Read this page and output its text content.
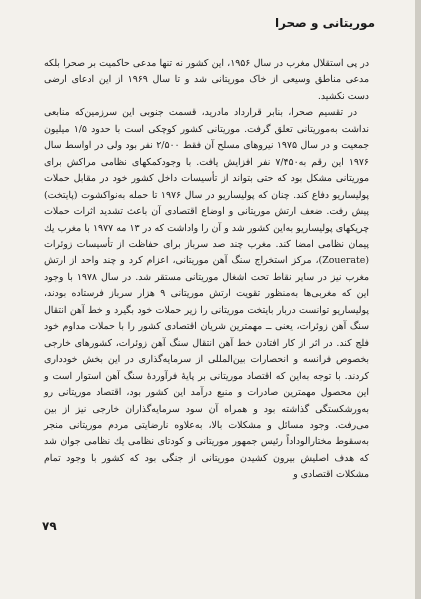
موریتانی و صحرا

در پی استقلال مغرب در سال ۱۹۵۶، این کشور نه تنها مدعی حاکمیت بر صحرا بلکه مدعی مناطق وسیعی از خاک موریتانی شد و تا سال ۱۹۶۹ از این ادعای ارضی دست نکشید.

در تقسیم صحرا، بنابر قرارداد مادرید، قسمت جنوبی این سرزمین‌که منابعی نداشت به‌موریتانی تعلق گرفت. موریتانی کشور کوچکی است با حدود ۱/۵ میلیون جمعیت و در سال ۱۹۷۵ نیروهای مسلح آن فقط ۲/۵۰۰ نفر بود ولی در اواسط سال ۱۹۷۶ این رقم به‌۷/۴۵۰ نفر افزایش یافت. با وجودکمکهای نظامی مراکش برای موریتانی مشکل بود که حتی بتواند از تأسیسات داخل کشور خود در مقابل حملات پولیساریو دفاع کند. چنان که پولیساریو در سال ۱۹۷۶ تا حمله به‌نواکشوت (پایتخت) پیش رفت. ضعف ارتش موریتانی و اوضاع اقتصادی آن باعث تشدید اثرات حملات چریکهای پولیساریو به‌این کشور شد و آن را واداشت که در ۱۳ مه ۱۹۷۷ با مغرب یك پیمان نظامی امضا کند. مغرب چند صد سرباز برای حفاظت از تأسیسات زوئرات (Zouerate)، مرکز استخراج سنگ آهن موریتانی، اعزام کرد و چند واحد از ارتش مغرب نیز در سایر نقاط تحت اشغال موریتانی مستقر شد. در سال ۱۹۷۸ با وجود این که مغربی‌ها به‌منظور تقویت ارتش موریتانی ۹ هزار سرباز فرستاده بودند، پولیساریو توانست دربار بایتخت موریتانی را زیر حملات خود بگیرد و خط آهن انتقال سنگ آهن زوئرات، یعنی ــ مهمترین شریان اقتصادی کشور را با حملات مداوم خود فلج کند. در اثر از کار افتادن خط آهن انتقال سنگ آهن زوئرات، کشورهای خارجی بخصوص فرانسه و انحصارات بین‌المللی از سرمایه‌گذاری در این بخش خودداری کردند. با توجه به‌این که اقتصاد موریتانی بر پایهٔ فرآوردهٔ سنگ آهن استوار است و این محصول مهمترین صادرات و منبع درآمد این کشور بود، اقتصاد موریتانی رو به‌ورشکستگی گذاشته بود و همراه آن سود سرمایه‌گذاران خارجی نیز از بین می‌رفت. وجود مسائل و مشکلات بالا، به‌علاوه نارضایتی مردم موریتانی منجر به‌سقوط مختارالوداداً رئیس جمهور موریتانی و کودتای نظامی یك نظامی جوان شد که هدف اصلیش بیرون کشیدن موریتانی از جنگی بود که کشور با وجود تمام مشکلات اقتصادی و

۷۹
